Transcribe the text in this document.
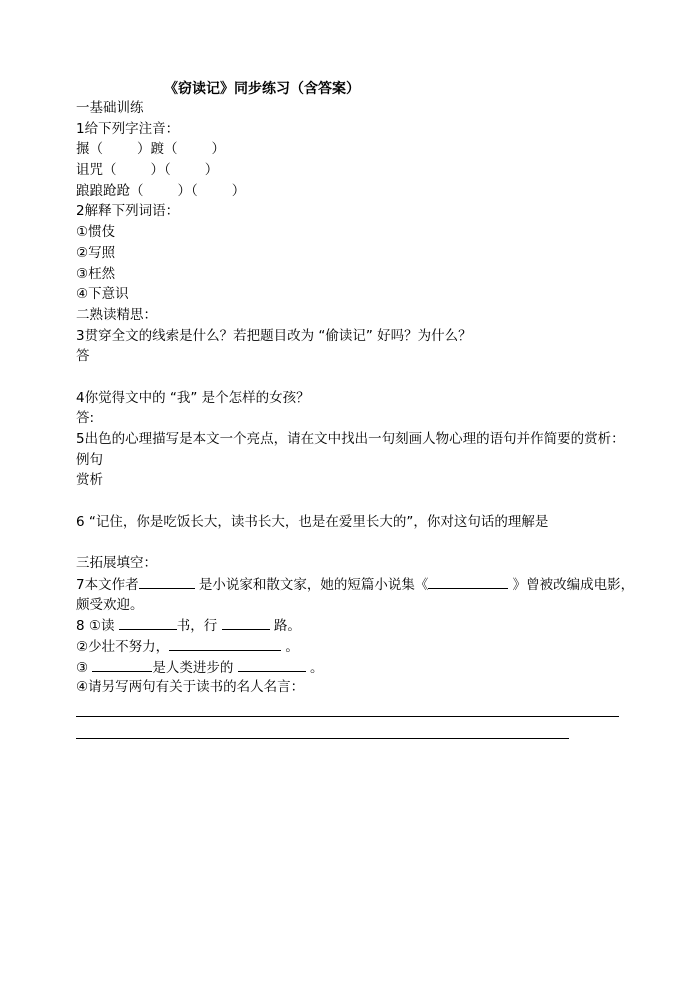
《窃读记》同步练习（含答案）
一基础训练
1给下列字注音：
搌（	）踱（	）
诅咒（	）（	）
踉踉跄跄（	）（	）
2解释下列词语：
①惯伎
②写照
③枉然
④下意识
二熟读精思：
3贯穿全文的线索是什么？若把题目改为 “偷读记” 好吗？为什么？
答
4你觉得文中的 “我” 是个怎样的女孩？
答:
5出色的心理描写是本文一个亮点，请在文中找出一句刻画人物心理的语句并作简要的赏析：
例句
赏析
6 “记住，你是吃饭长大，读书长大，也是在爱里长大的”，你对这句话的理解是
三拓展填空：
7本文作者	是小说家和散文家，她的短篇小说集《	》曾被改编成电影，
颇受欢迎。
8 ①读	书，行	路。
②少壮不努力，	。
③	是人类进步的	。
④请另写两句有关于读书的名人名言：
